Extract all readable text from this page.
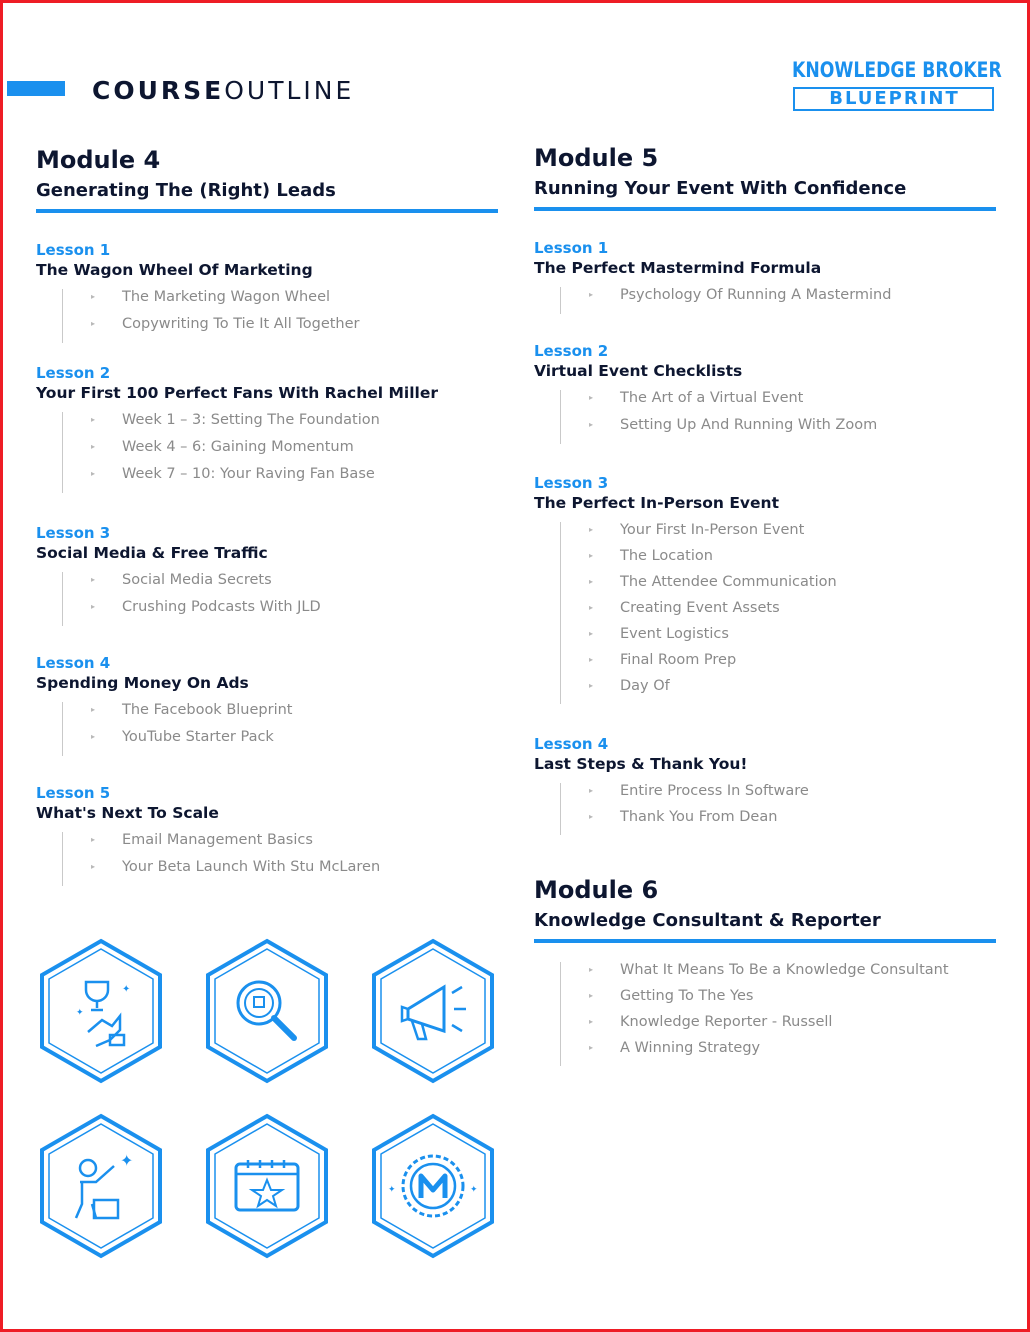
COURSEOUTLINE
KNOWLEDGE BROKER
BLUEPRINT
Module 4
Generating The (Right) Leads
Lesson 1
The Wagon Wheel Of Marketing
▸ The Marketing Wagon Wheel
▸ Copywriting To Tie It All Together
Lesson 2
Your First 100 Perfect Fans With Rachel Miller
▸ Week 1 – 3: Setting The Foundation
▸ Week 4 – 6: Gaining Momentum
▸ Week 7 – 10: Your Raving Fan Base
Lesson 3
Social Media & Free Traffic
▸ Social Media Secrets
▸ Crushing Podcasts With JLD
Lesson 4
Spending Money On Ads
▸ The Facebook Blueprint
▸ YouTube Starter Pack
Lesson 5
What's Next To Scale
▸ Email Management Basics
▸ Your Beta Launch With Stu McLaren
Module 5
Running Your Event With Confidence
Lesson 1
The Perfect Mastermind Formula
▸ Psychology Of Running A Mastermind
Lesson 2
Virtual Event Checklists
▸ The Art of a Virtual Event
▸ Setting Up And Running With Zoom
Lesson 3
The Perfect In-Person Event
▸ Your First In-Person Event
▸ The Location
▸ The Attendee Communication
▸ Creating Event Assets
▸ Event Logistics
▸ Final Room Prep
▸ Day Of
Lesson 4
Last Steps & Thank You!
▸ Entire Process In Software
▸ Thank You From Dean
Module 6
Knowledge Consultant & Reporter
▸ What It Means To Be a Knowledge Consultant
▸ Getting To The Yes
▸ Knowledge Reporter - Russell
▸ A Winning Strategy
✦
✦
✦
✦	✦
